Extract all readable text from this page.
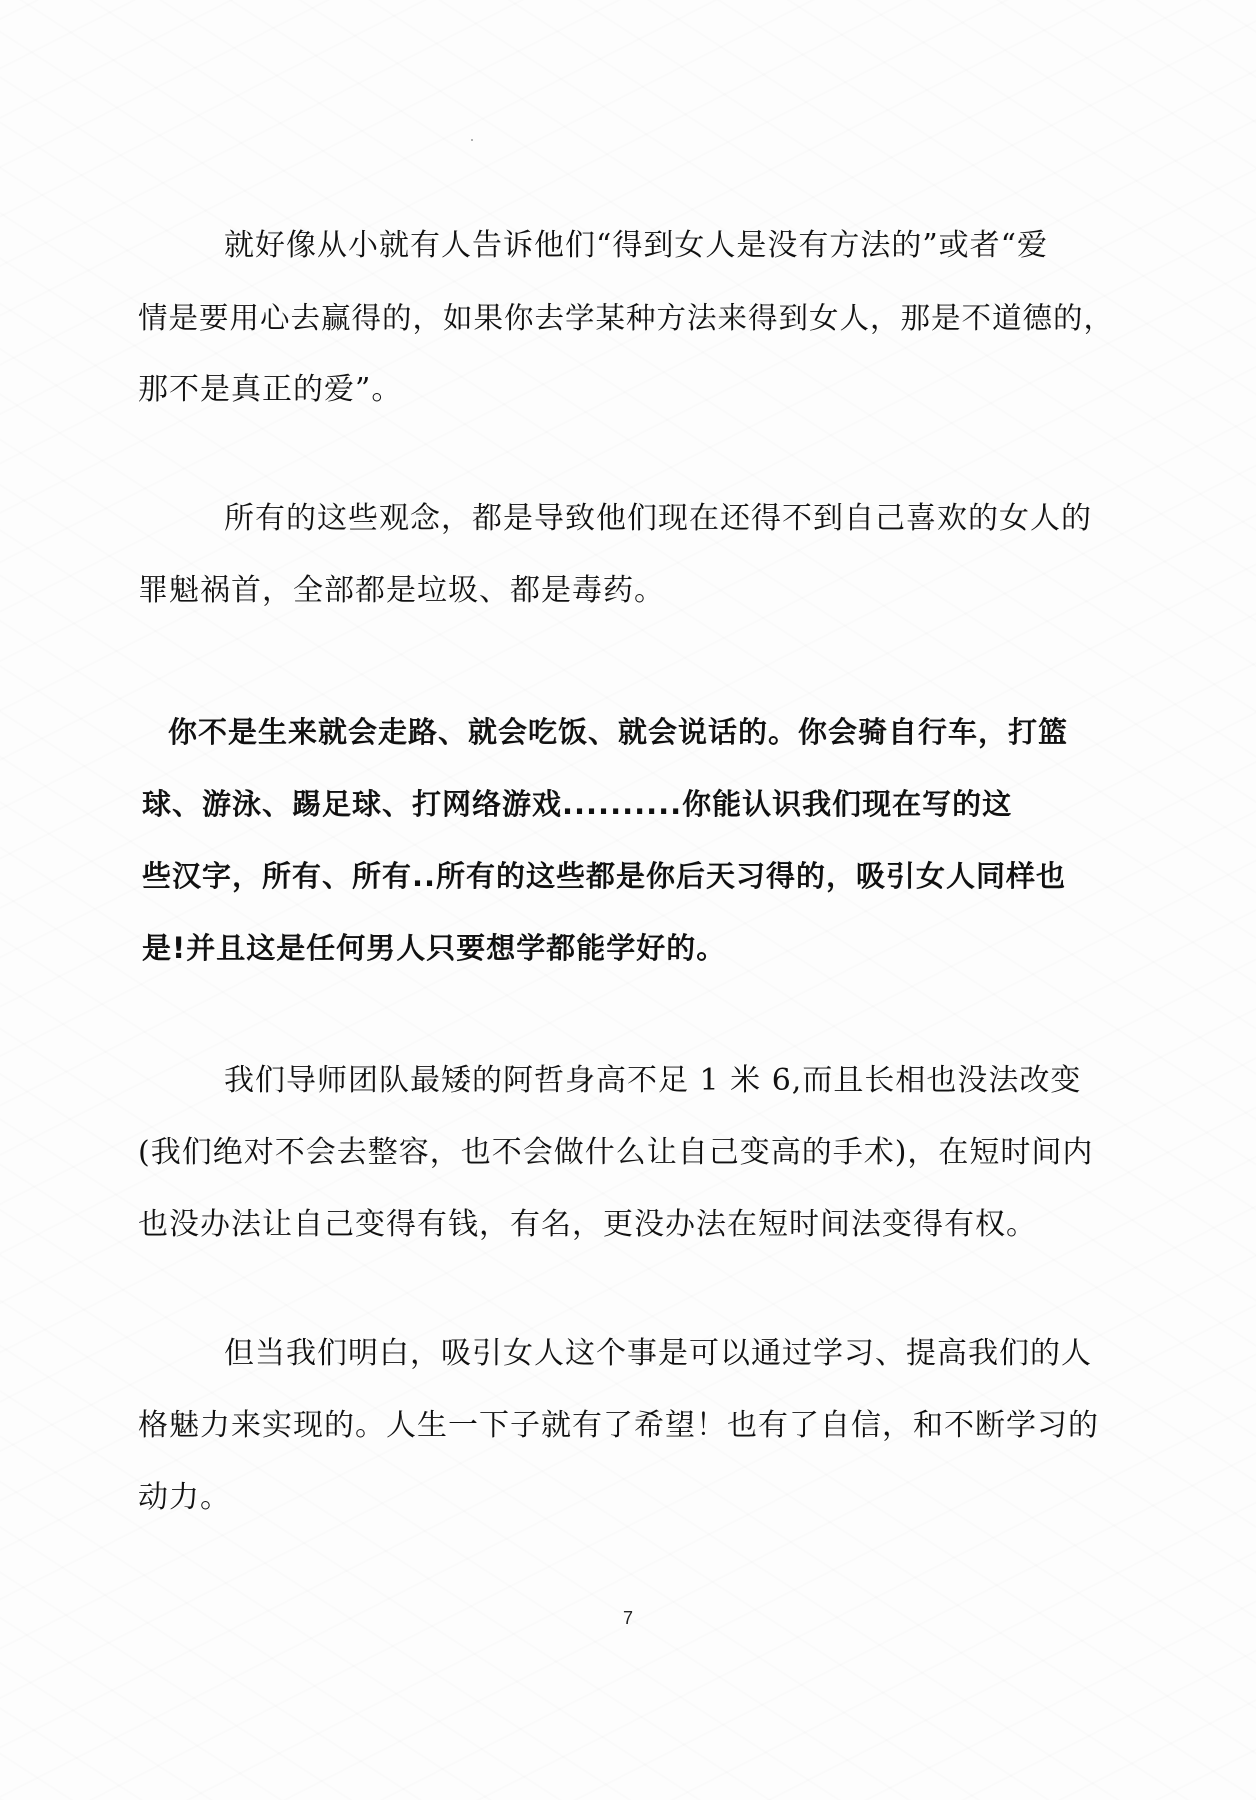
就好像从小就有人告诉他们“得到女人是没有方法的”或者“爱
情是要用心去赢得的，如果你去学某种方法来得到女人，那是不道德的，
那不是真正的爱”。

所有的这些观念，都是导致他们现在还得不到自己喜欢的女人的
罪魁祸首，全部都是垃圾、都是毒药。

你不是生来就会走路、就会吃饭、就会说话的。你会骑自行车，打篮
球、游泳、踢足球、打网络游戏..........你能认识我们现在写的这
些汉字，所有、所有..所有的这些都是你后天习得的，吸引女人同样也
是!并且这是任何男人只要想学都能学好的。

我们导师团队最矮的阿哲身高不足 1 米 6,而且长相也没法改变
(我们绝对不会去整容，也不会做什么让自己变高的手术)，在短时间内
也没办法让自己变得有钱，有名，更没办法在短时间法变得有权。

但当我们明白，吸引女人这个事是可以通过学习、提高我们的人
格魅力来实现的。人生一下子就有了希望！也有了自信，和不断学习的
动力。

7
